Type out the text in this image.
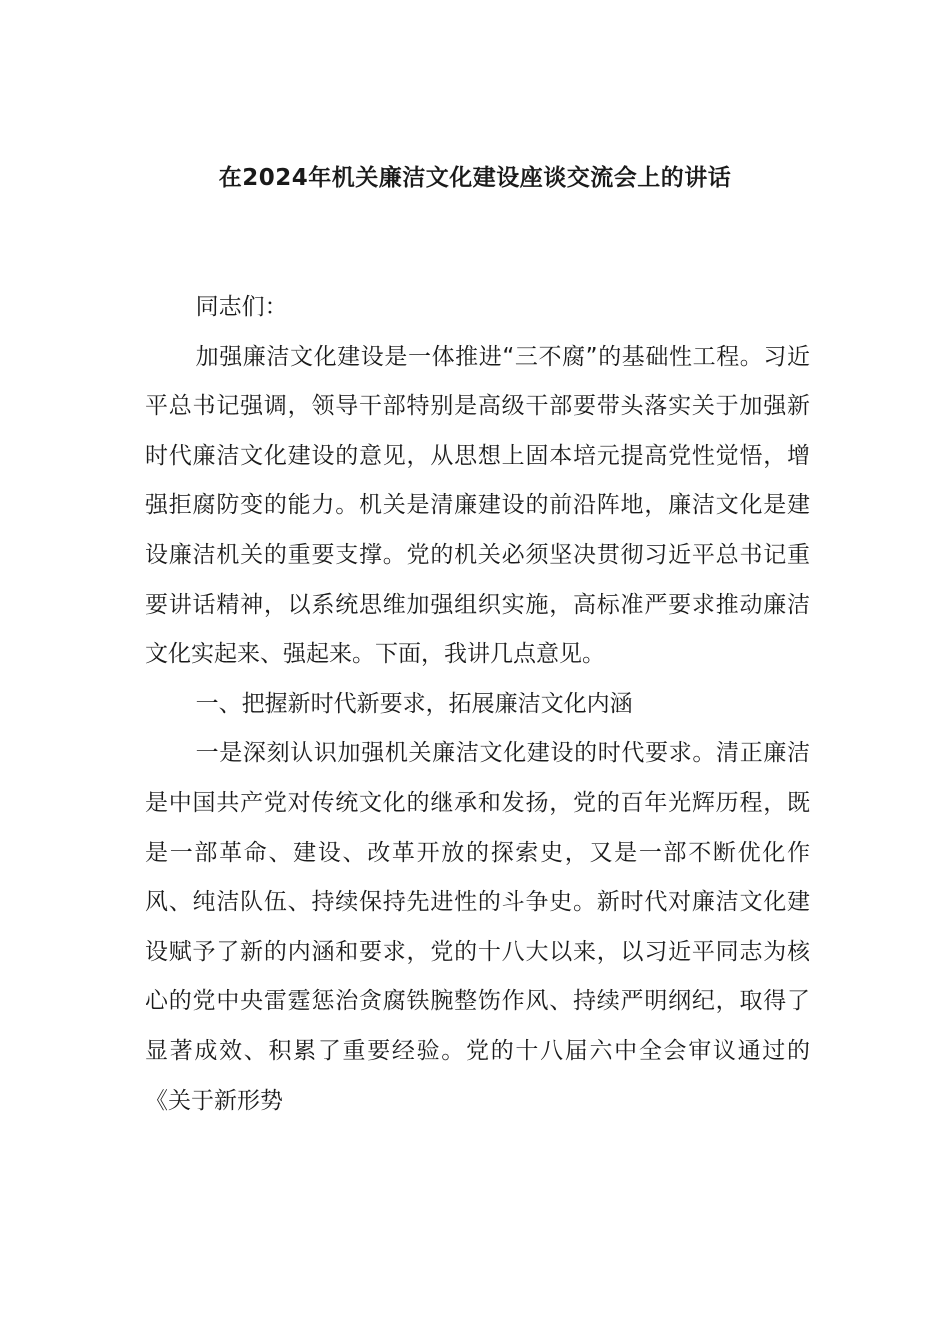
在2024年机关廉洁文化建设座谈交流会上的讲话

同志们：

加强廉洁文化建设是一体推进“三不腐”的基础性工程。习近平总书记强调，领导干部特别是高级干部要带头落实关于加强新时代廉洁文化建设的意见，从思想上固本培元提高党性觉悟，增强拒腐防变的能力。机关是清廉建设的前沿阵地，廉洁文化是建设廉洁机关的重要支撑。党的机关必须坚决贯彻习近平总书记重要讲话精神，以系统思维加强组织实施，高标准严要求推动廉洁文化实起来、强起来。下面，我讲几点意见。

一、把握新时代新要求，拓展廉洁文化内涵

一是深刻认识加强机关廉洁文化建设的时代要求。清正廉洁是中国共产党对传统文化的继承和发扬，党的百年光辉历程，既是一部革命、建设、改革开放的探索史，又是一部不断优化作风、纯洁队伍、持续保持先进性的斗争史。新时代对廉洁文化建设赋予了新的内涵和要求，党的十八大以来，以习近平同志为核心的党中央雷霆惩治贪腐铁腕整饬作风、持续严明纲纪，取得了显著成效、积累了重要经验。党的十八届六中全会审议通过的《关于新形势
